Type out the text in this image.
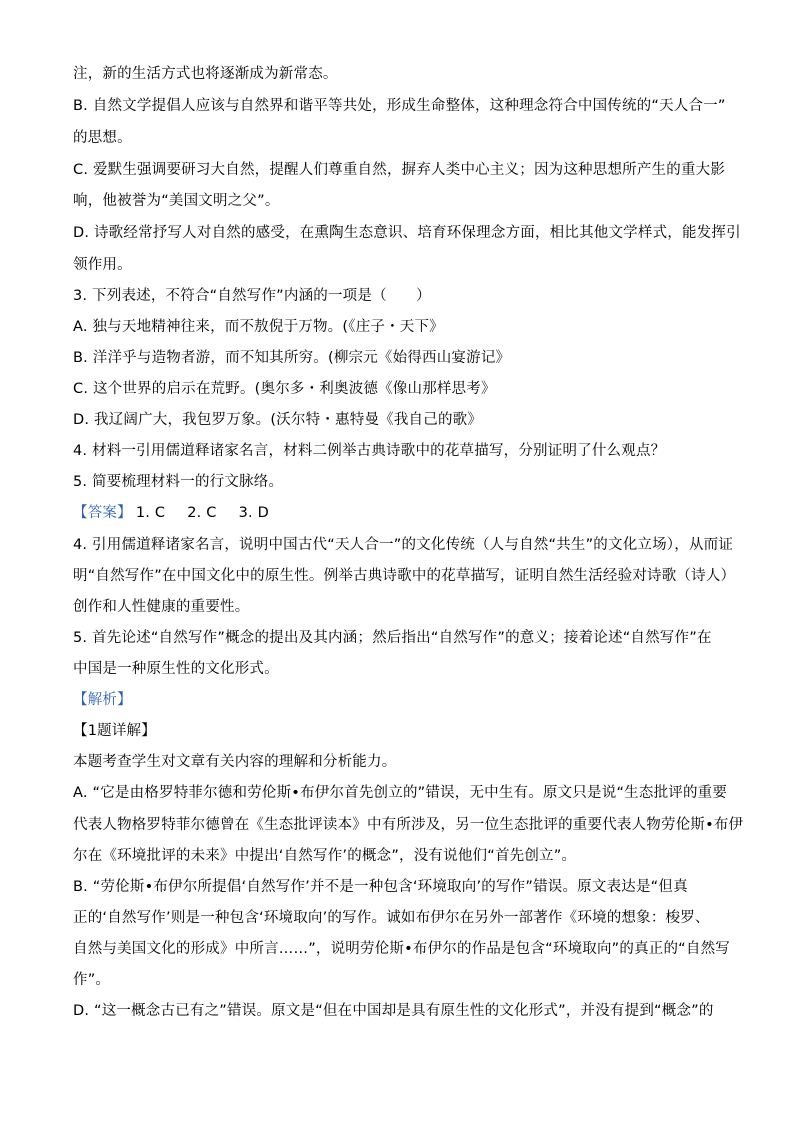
注，新的生活方式也将逐渐成为新常态。
B. 自然文学提倡人应该与自然界和谐平等共处，形成生命整体，这种理念符合中国传统的“天人合一”
的思想。
C. 爱默生强调要研习大自然，提醒人们尊重自然，摒弃人类中心主义；因为这种思想所产生的重大影
响，他被誉为“美国文明之父”。
D. 诗歌经常抒写人对自然的感受，在熏陶生态意识、培育环保理念方面，相比其他文学样式，能发挥引
领作用。
3. 下列表述，不符合“自然写作”内涵的一项是（　　）
A. 独与天地精神往来，而不敖倪于万物。(《庄子・天下》
B. 洋洋乎与造物者游，而不知其所穷。(柳宗元《始得西山宴游记》
C. 这个世界的启示在荒野。(奥尔多・利奥波德《像山那样思考》
D. 我辽阔广大，我包罗万象。(沃尔特・惠特曼《我自己的歌》
4. 材料一引用儒道释诸家名言，材料二例举古典诗歌中的花草描写，分别证明了什么观点？
5. 简要梳理材料一的行文脉络。
【答案】 1. C 2. C 3. D
4. 引用儒道释诸家名言，说明中国古代“天人合一”的文化传统（人与自然“共生”的文化立场），从而证
明“自然写作”在中国文化中的原生性。例举古典诗歌中的花草描写，证明自然生活经验对诗歌（诗人）
创作和人性健康的重要性。
5. 首先论述“自然写作”概念的提出及其内涵；然后指出“自然写作”的意义；接着论述“自然写作”在
中国是一种原生性的文化形式。
【解析】
【1题详解】
本题考查学生对文章有关内容的理解和分析能力。
A. “它是由格罗特菲尔德和劳伦斯•布伊尔首先创立的”错误，无中生有。原文只是说“生态批评的重要
代表人物格罗特菲尔德曾在《生态批评读本》中有所涉及，另一位生态批评的重要代表人物劳伦斯•布伊
尔在《环境批评的未来》中提出‘自然写作’的概念”，没有说他们“首先创立”。
B. “劳伦斯•布伊尔所提倡‘自然写作’并不是一种包含‘环境取向’的写作”错误。原文表达是“但真
正的‘自然写作’则是一种包含‘环境取向’的写作。诚如布伊尔在另外一部著作《环境的想象：梭罗、
自然与美国文化的形成》中所言……”，说明劳伦斯•布伊尔的作品是包含“环境取向”的真正的“自然写
作”。
D. “这一概念古已有之”错误。原文是“但在中国却是具有原生性的文化形式”，并没有提到“概念”的
